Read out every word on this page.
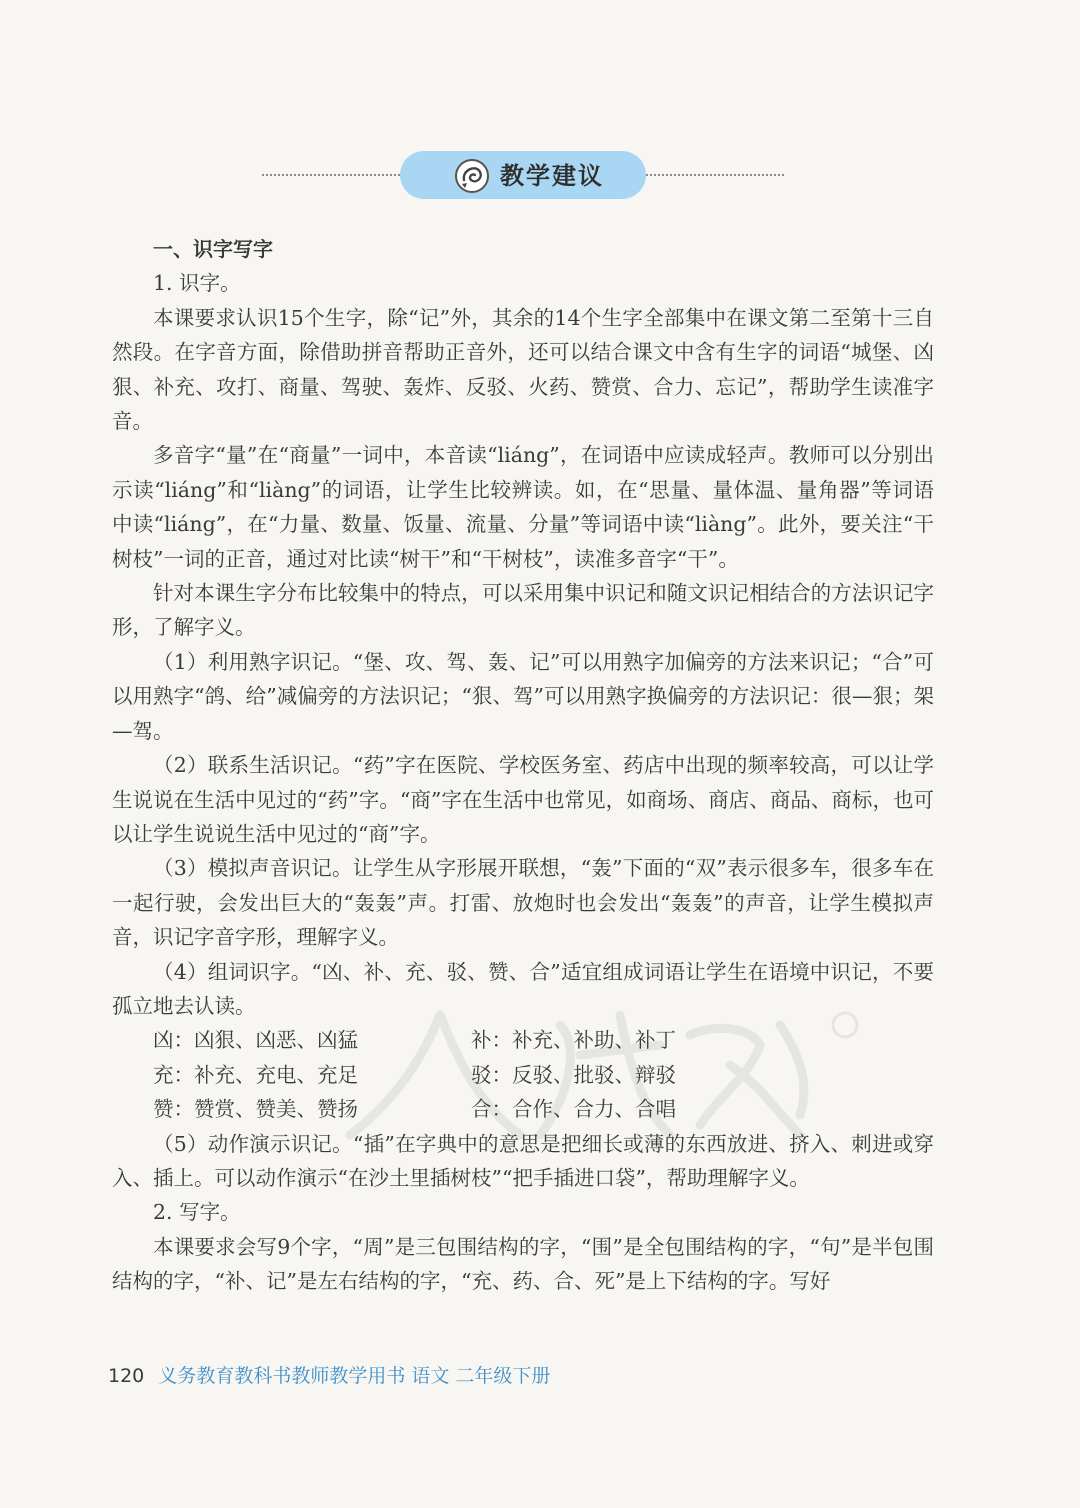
教学建议

一、识字写字

1. 识字。

本课要求认识15个生字，除“记”外，其余的14个生字全部集中在课文第二至第十三自然段。在字音方面，除借助拼音帮助正音外，还可以结合课文中含有生字的词语“城堡、凶狠、补充、攻打、商量、驾驶、轰炸、反驳、火药、赞赏、合力、忘记”，帮助学生读准字音。

多音字“量”在“商量”一词中，本音读“liáng”，在词语中应读成轻声。教师可以分别出示读“liáng”和“liàng”的词语，让学生比较辨读。如，在“思量、量体温、量角器”等词语中读“liáng”，在“力量、数量、饭量、流量、分量”等词语中读“liàng”。此外，要关注“干树枝”一词的正音，通过对比读“树干”和“干树枝”，读准多音字“干”。

针对本课生字分布比较集中的特点，可以采用集中识记和随文识记相结合的方法识记字形，了解字义。

（1）利用熟字识记。“堡、攻、驾、轰、记”可以用熟字加偏旁的方法来识记；“合”可以用熟字“鸽、给”减偏旁的方法识记；“狠、驾”可以用熟字换偏旁的方法识记：很—狠；架—驾。

（2）联系生活识记。“药”字在医院、学校医务室、药店中出现的频率较高，可以让学生说说在生活中见过的“药”字。“商”字在生活中也常见，如商场、商店、商品、商标，也可以让学生说说生活中见过的“商”字。

（3）模拟声音识记。让学生从字形展开联想，“轰”下面的“双”表示很多车，很多车在一起行驶，会发出巨大的“轰轰”声。打雷、放炮时也会发出“轰轰”的声音，让学生模拟声音，识记字音字形，理解字义。

（4）组词识字。“凶、补、充、驳、赞、合”适宜组成词语让学生在语境中识记，不要孤立地去认读。

凶：凶狠、凶恶、凶猛	补：补充、补助、补丁
充：补充、充电、充足	驳：反驳、批驳、辩驳
赞：赞赏、赞美、赞扬	合：合作、合力、合唱

（5）动作演示识记。“插”在字典中的意思是把细长或薄的东西放进、挤入、刺进或穿入、插上。可以动作演示“在沙土里插树枝”“把手插进口袋”，帮助理解字义。

2. 写字。

本课要求会写9个字，“周”是三包围结构的字，“围”是全包围结构的字，“句”是半包围结构的字，“补、记”是左右结构的字，“充、药、合、死”是上下结构的字。写好

120 义务教育教科书教师教学用书 语文 二年级下册
